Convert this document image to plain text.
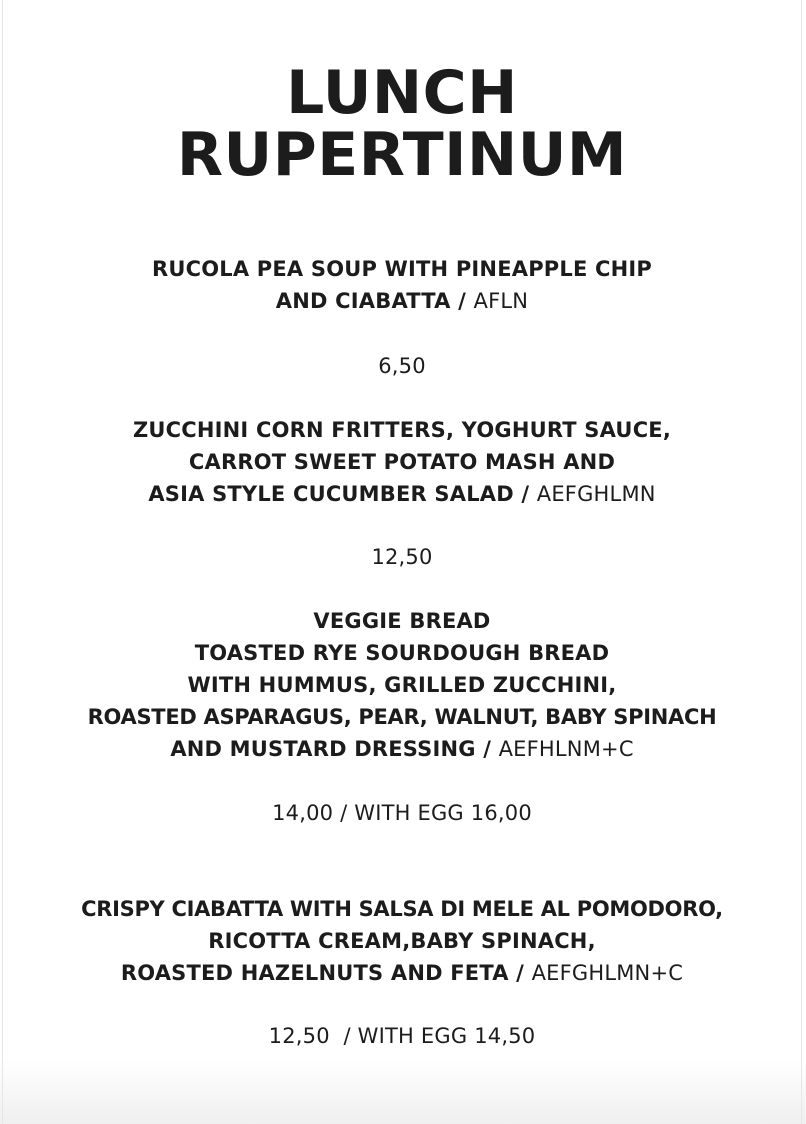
LUNCH
RUPERTINUM
RUCOLA PEA SOUP WITH PINEAPPLE CHIP
AND CIABATTA / AFLN
6,50
ZUCCHINI CORN FRITTERS, YOGHURT SAUCE,
CARROT SWEET POTATO MASH AND
ASIA STYLE CUCUMBER SALAD / AEFGHLMN
12,50
VEGGIE BREAD
TOASTED RYE SOURDOUGH BREAD
WITH HUMMUS, GRILLED ZUCCHINI,
ROASTED ASPARAGUS, PEAR, WALNUT, BABY SPINACH
AND MUSTARD DRESSING / AEFHLNM+C
14,00 / WITH EGG 16,00
CRISPY CIABATTA WITH SALSA DI MELE AL POMODORO,
RICOTTA CREAM,BABY SPINACH,
ROASTED HAZELNUTS AND FETA / AEFGHLMN+C
12,50  / WITH EGG 14,50
